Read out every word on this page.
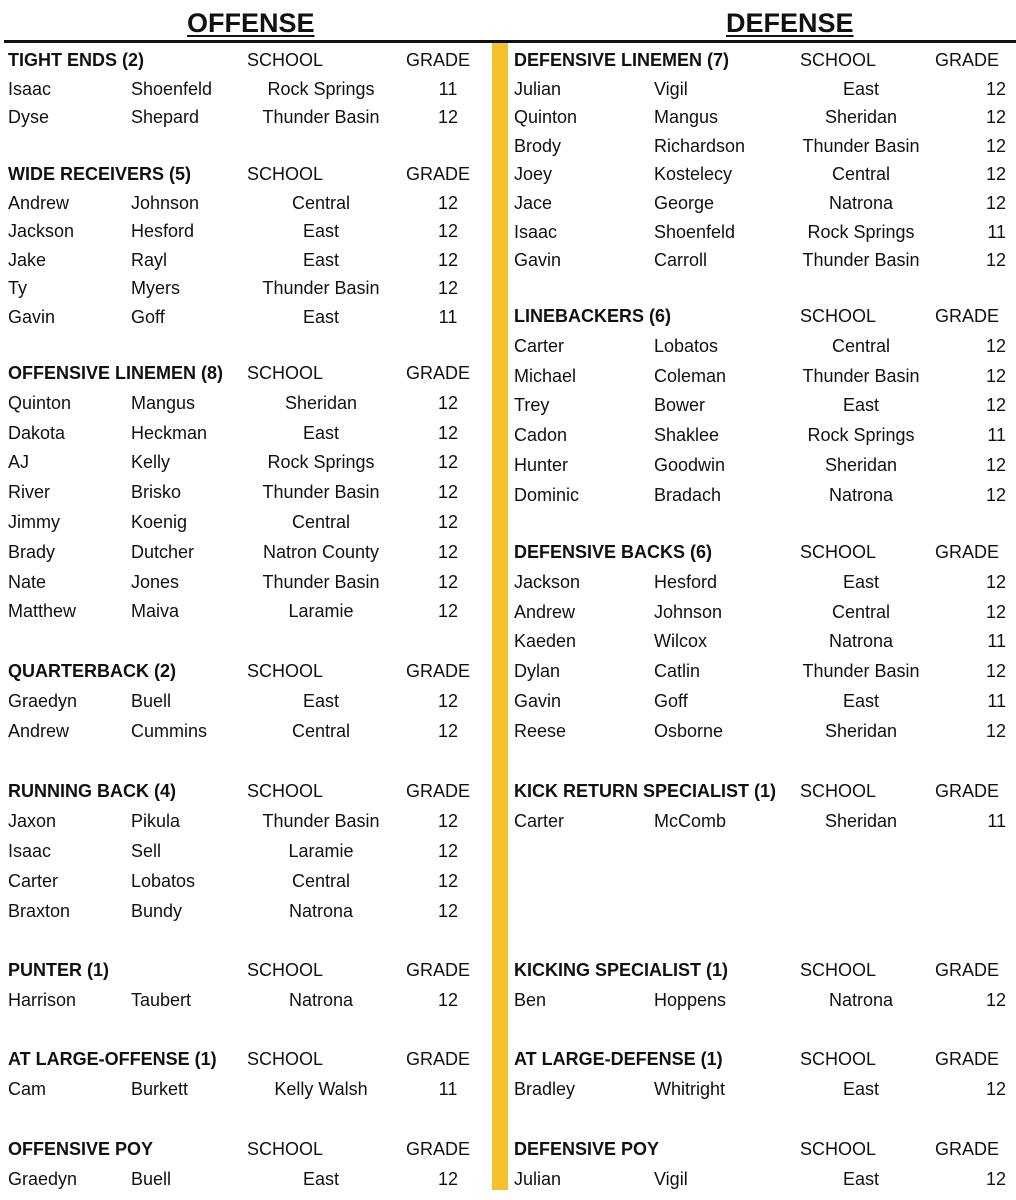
OFFENSE	DEFENSE
TIGHT ENDS (2)	SCHOOL	GRADE
Isaac	Shoenfeld	Rock Springs	11
Dyse	Shepard	Thunder Basin	12
WIDE RECEIVERS (5)	SCHOOL	GRADE
Andrew	Johnson	Central	12
Jackson	Hesford	East	12
Jake	Rayl	East	12
Ty	Myers	Thunder Basin	12
Gavin	Goff	East	11
OFFENSIVE LINEMEN (8) SCHOOL	GRADE
Quinton	Mangus	Sheridan	12
Dakota	Heckman	East	12
AJ	Kelly	Rock Springs	12
River	Brisko	Thunder Basin	12
Jimmy	Koenig	Central	12
Brady	Dutcher	Natron County	12
Nate	Jones	Thunder Basin	12
Matthew	Maiva	Laramie	12
QUARTERBACK (2)	SCHOOL	GRADE
Graedyn	Buell	East	12
Andrew	Cummins	Central	12
RUNNING BACK (4)	SCHOOL	GRADE
Jaxon	Pikula	Thunder Basin	12
Isaac	Sell	Laramie	12
Carter	Lobatos	Central	12
Braxton	Bundy	Natrona	12
PUNTER (1)	SCHOOL	GRADE
Harrison	Taubert	Natrona	12
AT LARGE-OFFENSE (1) SCHOOL	GRADE
Cam	Burkett	Kelly Walsh	11
OFFENSIVE POY	SCHOOL	GRADE
Graedyn	Buell	East	12
DEFENSIVE LINEMEN (7)	SCHOOL	GRADE
Julian	Vigil	East	12
Quinton	Mangus	Sheridan	12
Brody	Richardson	Thunder Basin	12
Joey	Kostelecy	Central	12
Jace	George	Natrona	12
Isaac	Shoenfeld	Rock Springs	11
Gavin	Carroll	Thunder Basin	12
LINEBACKERS (6)	SCHOOL	GRADE
Carter	Lobatos	Central	12
Michael	Coleman	Thunder Basin	12
Trey	Bower	East	12
Cadon	Shaklee	Rock Springs	11
Hunter	Goodwin	Sheridan	12
Dominic	Bradach	Natrona	12
DEFENSIVE BACKS (6)	SCHOOL	GRADE
Jackson	Hesford	East	12
Andrew	Johnson	Central	12
Kaeden	Wilcox	Natrona	11
Dylan	Catlin	Thunder Basin	12
Gavin	Goff	East	11
Reese	Osborne	Sheridan	12
KICK RETURN SPECIALIST (1) SCHOOL	GRADE
Carter	McComb	Sheridan	11
KICKING SPECIALIST (1)	SCHOOL	GRADE
Ben	Hoppens	Natrona	12
AT LARGE-DEFENSE (1)	SCHOOL	GRADE
Bradley	Whitright	East	12
DEFENSIVE POY	SCHOOL	GRADE
Julian	Vigil	East	12
